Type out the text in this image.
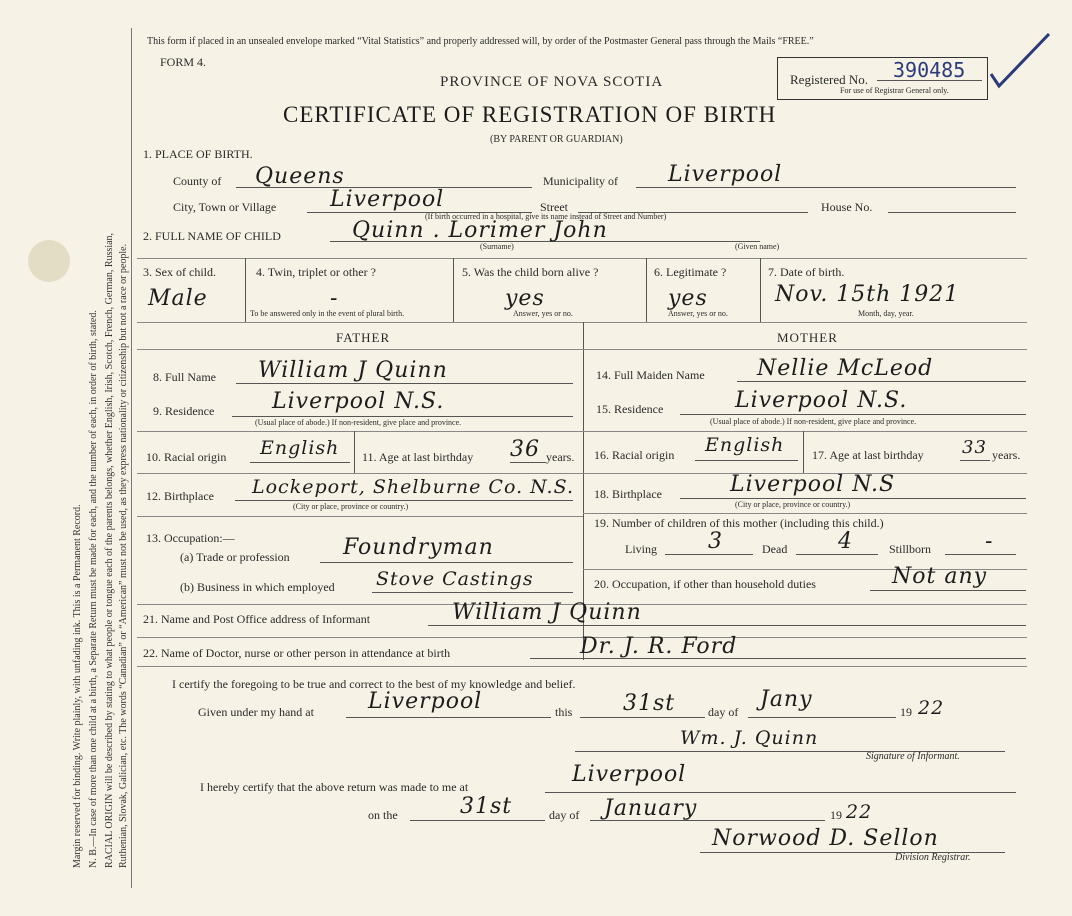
Margin reserved for binding. Write plainly, with unfading ink. This is a Permanent Record. N. B.—In case of more than one child at a birth, a Separate Return must be made for each, and the number of each, in order of birth, stated. RACIAL ORIGIN will be described by stating to what people or tongue each of the parents belongs, whether English, Irish, Scotch, French, German, Russian, Ruthenian, Slovak, Galician, etc. The words “Canadian” or “American” must not be used, as they express nationality or citizenship but not a race or people.
This form if placed in an unsealed envelope marked “Vital Statistics” and properly addressed will, by order of the Postmaster General pass through the Mails “FREE.”
FORM 4.
PROVINCE OF NOVA SCOTIA
CERTIFICATE OF REGISTRATION OF BIRTH
(BY PARENT OR GUARDIAN)
Registered No. 390485
For use of Registrar General only.
1. PLACE OF BIRTH.
County of Queens	Municipality of Liverpool
City, Town or Village Liverpool	Street
(If birth occurred in a hospital, give its name instead of Street and Number)
House No.
2. FULL NAME OF CHILD	Quinn . Lorimer John
(Surname)	(Given name)
3. Sex of child.
Male
4. Twin, triplet or other ?
-
To be answered only in the event of plural birth.
5. Was the child born alive ?
yes
Answer, yes or no.
6. Legitimate ?
yes
Answer, yes or no.
7. Date of birth.
Nov. 15th 1921
Month, day, year.
FATHER	MOTHER
8. Full Name William J Quinn
9. Residence	Liverpool N.S.
(Usual place of abode.) If non-resident, give place and province.
10. Racial origin English 11. Age at last birthday 36 years.
12. Birthplace Lockeport, Shelburne Co. N.S.
(City or place, province or country.)
13. Occupation:—
(a) Trade or profession Foundryman
(b) Business in which employed Stove Castings
14. Full Maiden Name Nellie McLeod
15. Residence	Liverpool N.S.
(Usual place of abode.) If non-resident, give place and province.
16. Racial origin English 17. Age at last birthday 33 years.
18. Birthplace	Liverpool N.S
(City or place, province or country.)
19. Number of children of this mother (including this child.)
Living 3	Dead 4	Stillborn -
20. Occupation, if other than household duties	Not any
21. Name and Post Office address of Informant	William J Quinn
22. Name of Doctor, nurse or other person in attendance at birth	Dr. J. R. Ford
I certify the foregoing to be true and correct to the best of my knowledge and belief.
Given under my hand at Liverpool	this 31st	day of Jany	19 22
Wm. J. Quinn
Signature of Informant.
I hereby certify that the above return was made to me at	Liverpool
on the	31st	day of January	19 22
Norwood D. Sellon
Division Registrar.
